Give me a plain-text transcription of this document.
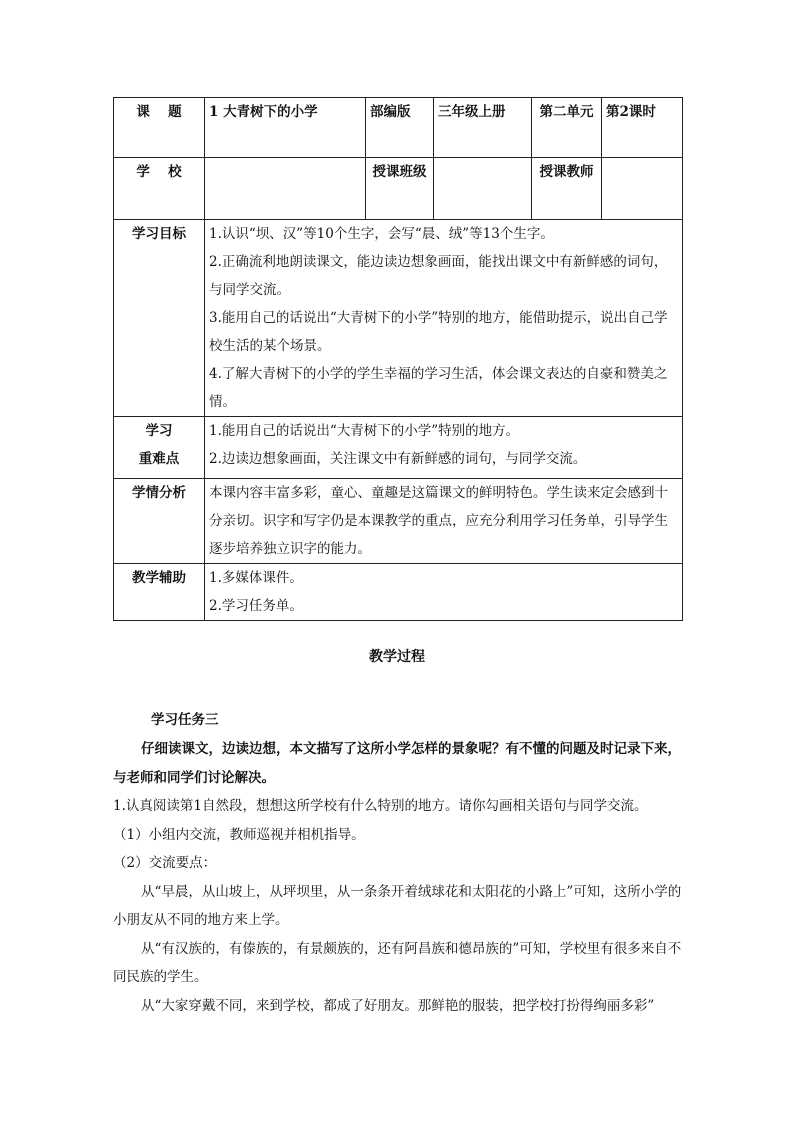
课　 题	1 大青树下的小学	部编版	三年级上册	第二单元	第2课时
学　 校		授课班级		授课教师	
学习目标	1.认识“坝、汉”等10个生字，会写“晨、绒”等13个生字。
2.正确流利地朗读课文，能边读边想象画面，能找出课文中有新鲜感的词句，与同学交流。
3.能用自己的话说出“大青树下的小学”特别的地方，能借助提示，说出自己学校生活的某个场景。
4.了解大青树下的小学的学生幸福的学习生活，体会课文表达的自豪和赞美之情。				

学习
重难点	1.能用自己的话说出“大青树下的小学”特别的地方。
2.边读边想象画面，关注课文中有新鲜感的词句，与同学交流。				

学情分析	本课内容丰富多彩，童心、童趣是这篇课文的鲜明特色。学生读来定会感到十分亲切。识字和写字仍是本课教学的重点，应充分利用学习任务单，引导学生逐步培养独立识字的能力。				
教学辅助	1.多媒体课件。
2.学习任务单。				
教学过程
学习任务三
仔细读课文，边读边想，本文描写了这所小学怎样的景象呢？有不懂的问题及时记录下来，与老师和同学们讨论解决。
1.认真阅读第1自然段，想想这所学校有什么特别的地方。请你勾画相关语句与同学交流。
（1）小组内交流，教师巡视并相机指导。
（2）交流要点：
从“早晨，从山坡上，从坪坝里，从一条条开着绒球花和太阳花的小路上”可知，这所小学的小朋友从不同的地方来上学。
从“有汉族的，有傣族的，有景颇族的，还有阿昌族和德昂族的”可知，学校里有很多来自不同民族的学生。
从“大家穿戴不同，来到学校，都成了好朋友。那鲜艳的服装，把学校打扮得绚丽多彩”
